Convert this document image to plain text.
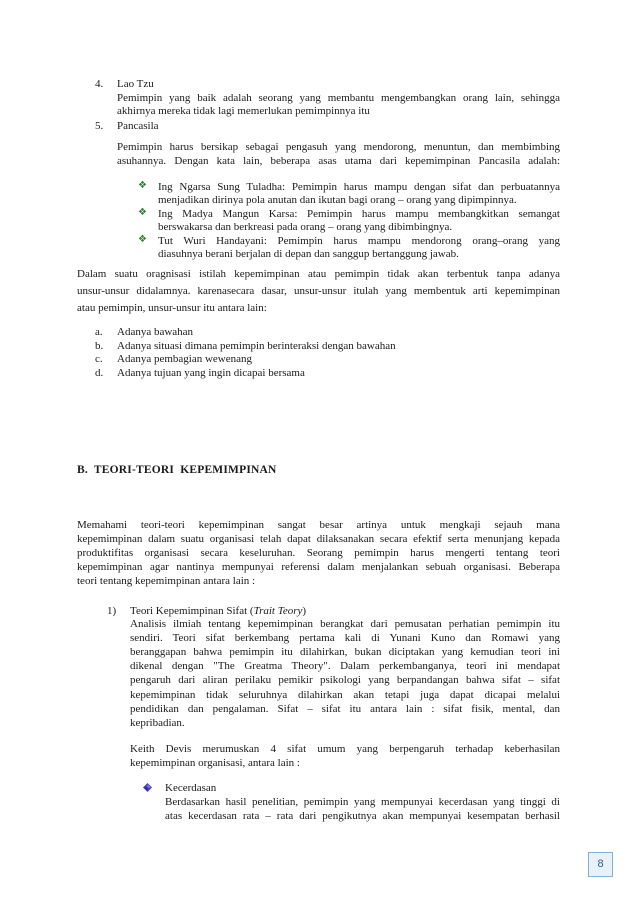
4. Lao Tzu
Pemimpin yang baik adalah seorang yang membantu mengembangkan orang lain, sehingga
akhirnya mereka tidak lagi memerlukan pemimpinnya itu
5. Pancasila
Pemimpin harus bersikap sebagai pengasuh yang mendorong, menuntun, dan membimbing
asuhannya. Dengan kata lain, beberapa asas utama dari kepemimpinan Pancasila adalah:
❖ Ing Ngarsa Sung Tuladha: Pemimpin harus mampu dengan sifat dan perbuatannya
menjadikan dirinya pola anutan dan ikutan bagi orang – orang yang dipimpinnya.
❖ Ing Madya Mangun Karsa: Pemimpin harus mampu membangkitkan semangat
berswakarsa dan berkreasi pada orang – orang yang dibimbingnya.
❖ Tut Wuri Handayani: Pemimpin harus mampu mendorong orang–orang yang
diasuhnya berani berjalan di depan dan sanggup bertanggung jawab.
Dalam suatu oragnisasi istilah kepemimpinan atau pemimpin tidak akan terbentuk tanpa adanya
unsur-unsur didalamnya. karenasecara dasar, unsur-unsur itulah yang membentuk arti kepemimpinan
atau pemimpin, unsur-unsur itu antara lain:
a. Adanya bawahan
b. Adanya situasi dimana pemimpin berinteraksi dengan bawahan
c. Adanya pembagian wewenang
d. Adanya tujuan yang ingin dicapai bersama
B.  TEORI-TEORI  KEPEMIMPINAN
Memahami teori-teori kepemimpinan sangat besar artinya untuk mengkaji sejauh mana
kepemimpinan dalam suatu organisasi telah dapat dilaksanakan secara efektif serta menunjang kepada
produktifitas organisasi secara keseluruhan. Seorang pemimpin harus mengerti tentang teori
kepemimpinan agar nantinya mempunyai referensi dalam menjalankan sebuah organisasi. Beberapa
teori tentang kepemimpinan antara lain :
1) Teori Kepemimpinan Sifat (Trait Teory)
Analisis ilmiah tentang kepemimpinan berangkat dari pemusatan perhatian pemimpin itu
sendiri. Teori sifat berkembang pertama kali di Yunani Kuno dan Romawi yang
beranggapan bahwa pemimpin itu dilahirkan, bukan diciptakan yang kemudian teori ini
dikenal dengan "The Greatma Theory". Dalam perkembanganya, teori ini mendapat
pengaruh dari aliran perilaku pemikir psikologi yang berpandangan bahwa sifat – sifat
kepemimpinan tidak seluruhnya dilahirkan akan tetapi juga dapat dicapai melalui
pendidikan dan pengalaman. Sifat – sifat itu antara lain : sifat fisik, mental, dan
kepribadian.
Keith Devis merumuskan 4 sifat umum yang berpengaruh terhadap keberhasilan
kepemimpinan organisasi, antara lain :
Kecerdasan
Berdasarkan hasil penelitian, pemimpin yang mempunyai kecerdasan yang tinggi di
atas kecerdasan rata – rata dari pengikutnya akan mempunyai kesempatan berhasil
8
